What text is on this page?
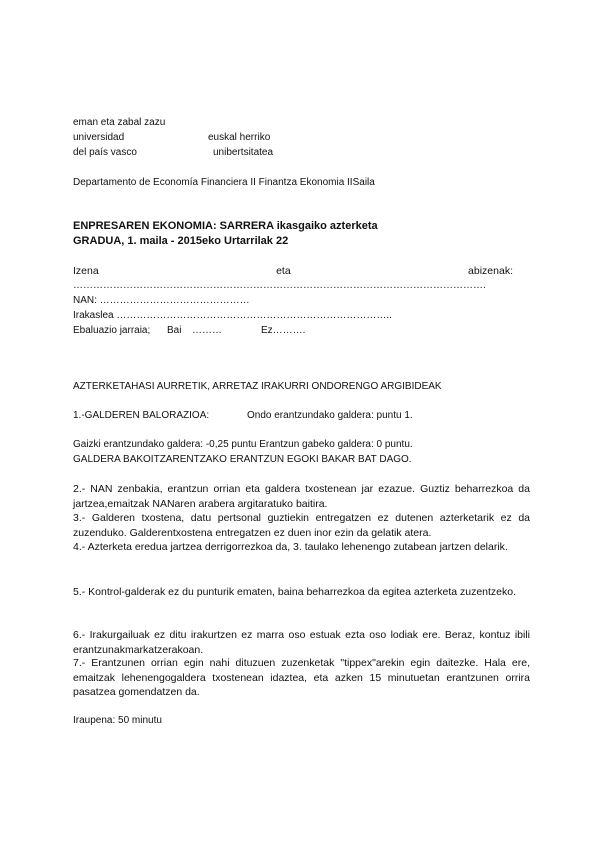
eman eta zabal zazu
universidad	euskal herriko
del país vasco	unibertsitatea
Departamento de Economía Financiera II Finantza Ekonomia IISaila
ENPRESAREN EKONOMIA: SARRERA ikasgaiko azterketa
GRADUA, 1. maila - 2015eko Urtarrilak 22
Izena	eta	abizenak:
…………………………………………………………………………………………………………….
NAN: ………………………………………
Irakaslea ………………………………………………………………………..
Ebaluazio jarraia; Bai ………	Ez……….
AZTERKETAHASI AURRETIK, ARRETAZ IRAKURRI ONDORENGO ARGIBIDEAK
1.-GALDEREN BALORAZIOA:	Ondo erantzundako galdera: puntu 1.
Gaizki erantzundako galdera: -0,25 puntu Erantzun gabeko galdera: 0 puntu.
GALDERA BAKOITZARENTZAKO ERANTZUN EGOKI BAKAR BAT DAGO.

2.- NAN zenbakia, erantzun orrian eta galdera txostenean jar ezazue. Guztiz beharrezkoa da jartzea,emaitzak NANaren arabera argitaratuko baitira.

3.- Galderen txostena, datu pertsonal guztiekin entregatzen ez dutenen azterketarik ez da zuzenduko. Galderentxostena entregatzen ez duen inor ezin da gelatik atera.

4.- Azterketa eredua jartzea derrigorrezkoa da, 3. taulako lehenengo zutabean jartzen delarik.

5.- Kontrol-galderak ez du punturik ematen, baina beharrezkoa da egitea azterketa zuzentzeko.

6.- Irakurgailuak ez ditu irakurtzen ez marra oso estuak ezta oso lodiak ere. Beraz, kontuz ibili erantzunakmarkatzerakoan.

7.- Erantzunen orrian egin nahi dituzuen zuzenketak "tippex"arekin egin daitezke. Hala ere, emaitzak lehenengogaldera txostenean idaztea, eta azken 15 minutuetan erantzunen orrira pasatzea gomendatzen da.

Iraupena: 50 minutu
